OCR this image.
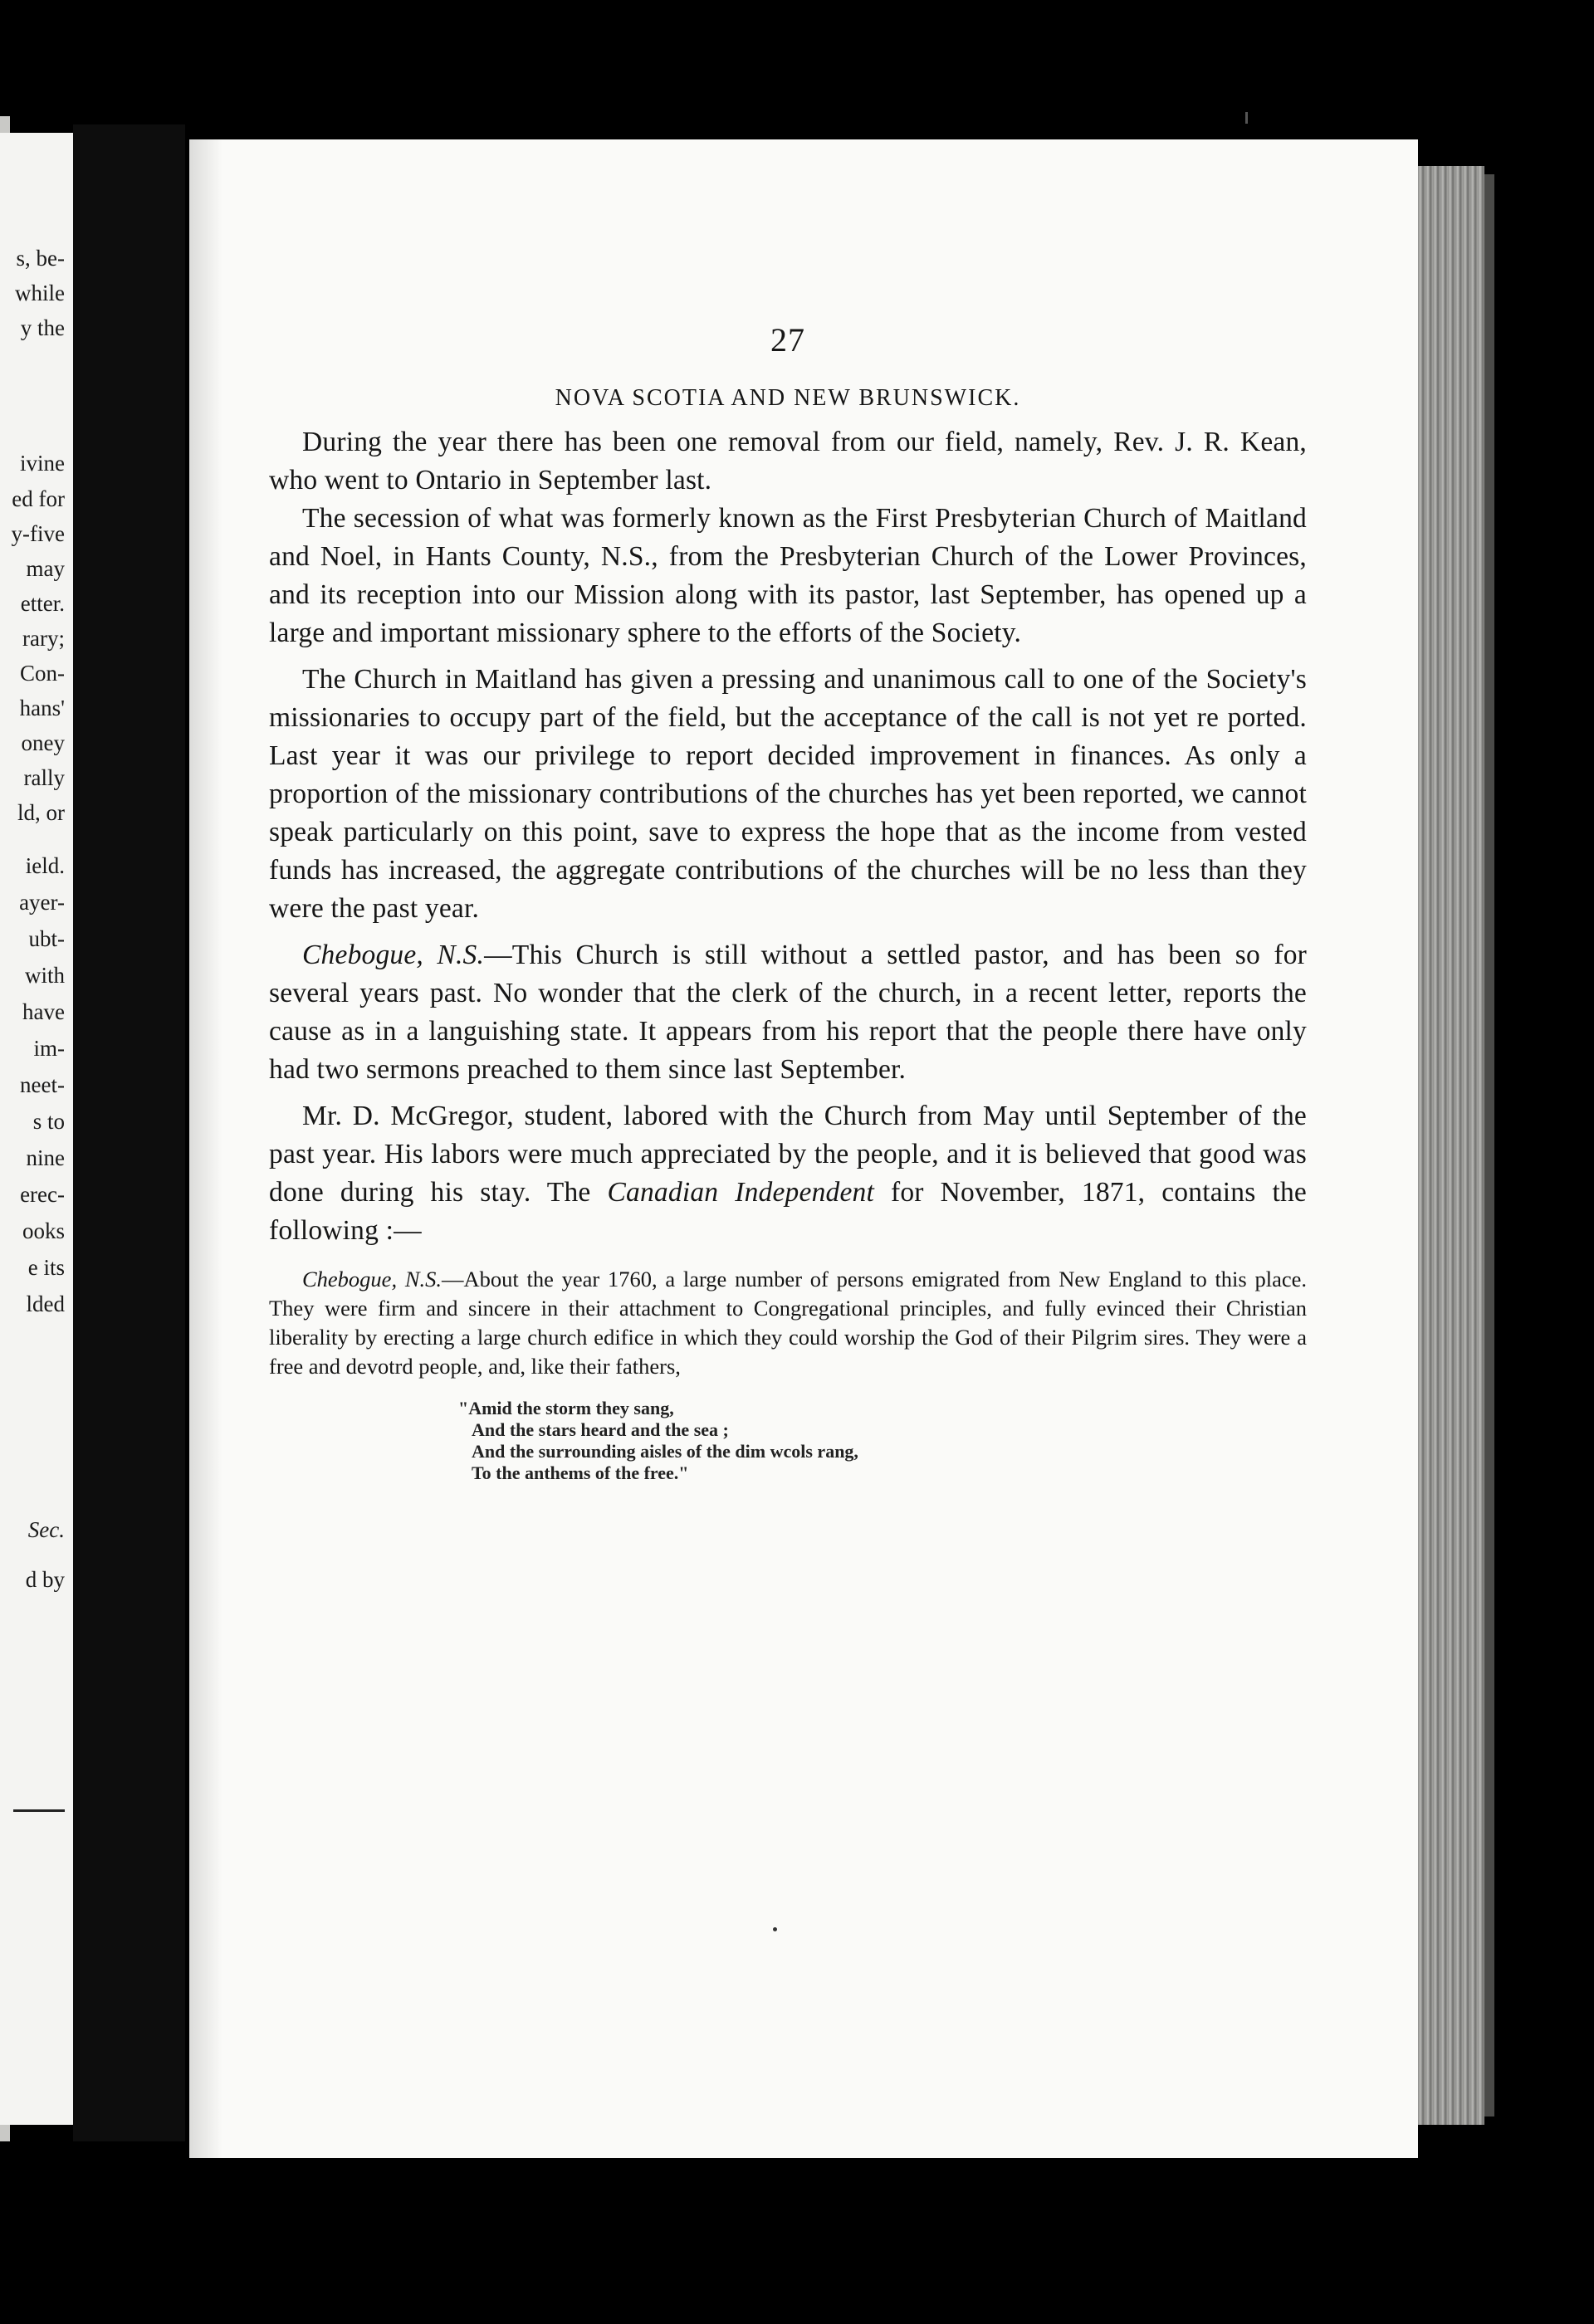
s, be-
while
y the
ivine
ed for
y-five
may
etter.
rary;
Con-
hans'
oney
rally
ld, or
ield.
ayer-
ubt-
with
have
im-
neet-
s to
nine
erec-
ooks
e its
lded
Sec.
d by
27
NOVA SCOTIA AND NEW BRUNSWICK.

During the year there has been one removal from our field, namely, Rev. J. R. Kean, who went to Ontario in September last.

The secession of what was formerly known as the First Presbyterian Church of Maitland and Noel, in Hants County, N.S., from the Presbyterian Church of the Lower Provinces, and its reception into our Mission along with its pastor, last September, has opened up a large and important missionary sphere to the efforts of the Society.

The Church in Maitland has given a pressing and unanimous call to one of the Society's missionaries to occupy part of the field, but the acceptance of the call is not yet re ported. Last year it was our privilege to report decided improvement in finances. As only a proportion of the missionary contributions of the churches has yet been reported, we cannot speak particularly on this point, save to express the hope that as the income from vested funds has increased, the aggregate contributions of the churches will be no less than they were the past year.

Chebogue, N.S.—This Church is still without a settled pastor, and has been so for several years past. No wonder that the clerk of the church, in a recent letter, reports the cause as in a languishing state. It appears from his report that the people there have only had two sermons preached to them since last September.

Mr. D. McGregor, student, labored with the Church from May until September of the past year. His labors were much appreciated by the people, and it is believed that good was done during his stay. The Canadian Independent for November, 1871, contains the following :—

Chebogue, N.S.—About the year 1760, a large number of persons emigrated from New England to this place. They were firm and sincere in their attachment to Congregational principles, and fully evinced their Christian liberality by erecting a large church edifice in which they could worship the God of their Pilgrim sires. They were a free and devotrd people, and, like their fathers,

"Amid the storm they sang,
And the stars heard and the sea ;
And the surrounding aisles of the dim wcols rang,
To the anthems of the free."
